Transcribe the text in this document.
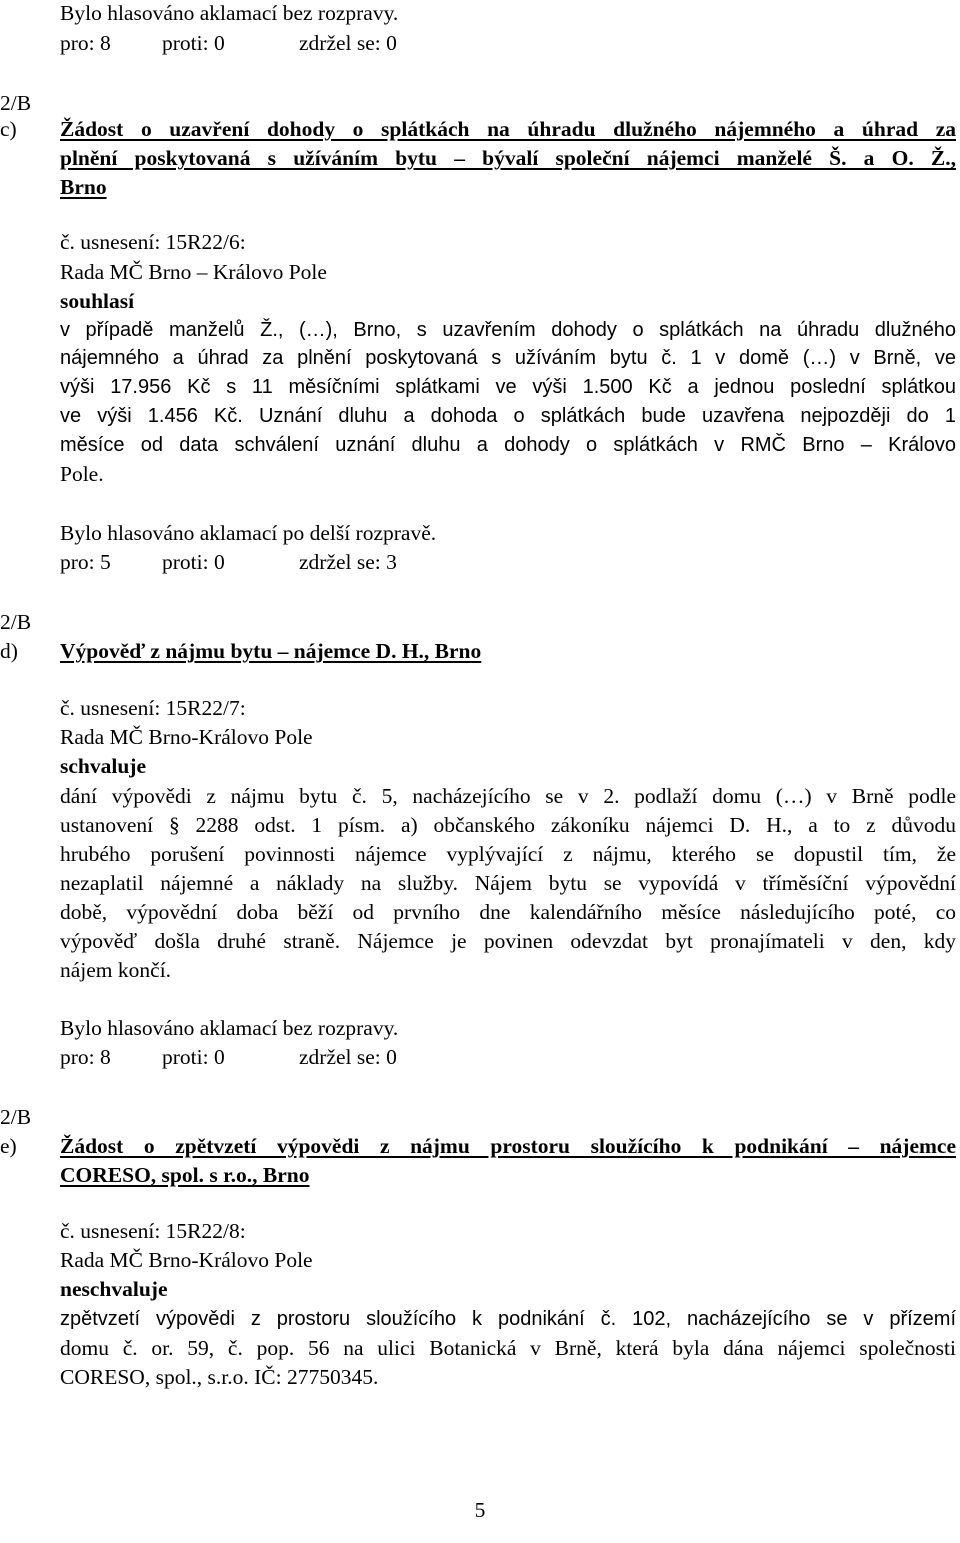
Bylo hlasováno aklamací bez rozpravy.
pro: 8 proti: 0	zdržel se: 0
2/B
c) Žádost o uzavření dohody o splátkách na úhradu dlužného nájemného a úhrad za
plnění poskytovaná s užíváním bytu – bývalí společní nájemci manželé Š. a O. Ž.,
Brno
č. usnesení: 15R22/6:
Rada MČ Brno – Královo Pole
souhlasí
v případě manželů Ž., (…), Brno, s uzavřením dohody o splátkách na úhradu dlužného
nájemného a úhrad za plnění poskytovaná s užíváním bytu č. 1 v domě (…) v Brně, ve
výši 17.956 Kč s 11 měsíčními splátkami ve výši 1.500 Kč a jednou poslední splátkou
ve výši 1.456 Kč. Uznání dluhu a dohoda o splátkách bude uzavřena nejpozději do 1
měsíce od data schválení uznání dluhu a dohody o splátkách v RMČ Brno – Královo
Pole.
Bylo hlasováno aklamací po delší rozpravě.
pro: 5 proti: 0	zdržel se: 3
2/B
d) Výpověď z nájmu bytu – nájemce D. H., Brno
č. usnesení: 15R22/7:
Rada MČ Brno-Královo Pole
schvaluje
dání výpovědi z nájmu bytu č. 5, nacházejícího se v 2. podlaží domu (…) v Brně podle
ustanovení § 2288 odst. 1 písm. a) občanského zákoníku nájemci D. H., a to z důvodu
hrubého porušení povinnosti nájemce vyplývající z nájmu, kterého se dopustil tím, že
nezaplatil nájemné a náklady na služby. Nájem bytu se vypovídá v tříměsíční výpovědní
době, výpovědní doba běží od prvního dne kalendářního měsíce následujícího poté, co
výpověď došla druhé straně. Nájemce je povinen odevzdat byt pronajímateli v den, kdy
nájem končí.
Bylo hlasováno aklamací bez rozpravy.
pro: 8 proti: 0	zdržel se: 0
2/B
e) Žádost o zpětvzetí výpovědi z nájmu prostoru sloužícího k podnikání – nájemce
CORESO, spol. s r.o., Brno
č. usnesení: 15R22/8:
Rada MČ Brno-Královo Pole
neschvaluje
zpětvzetí výpovědi z prostoru sloužícího k podnikání č. 102, nacházejícího se v přízemí
domu č. or. 59, č. pop. 56 na ulici Botanická v Brně, která byla dána nájemci společnosti
CORESO, spol., s.r.o. IČ: 27750345.
5
